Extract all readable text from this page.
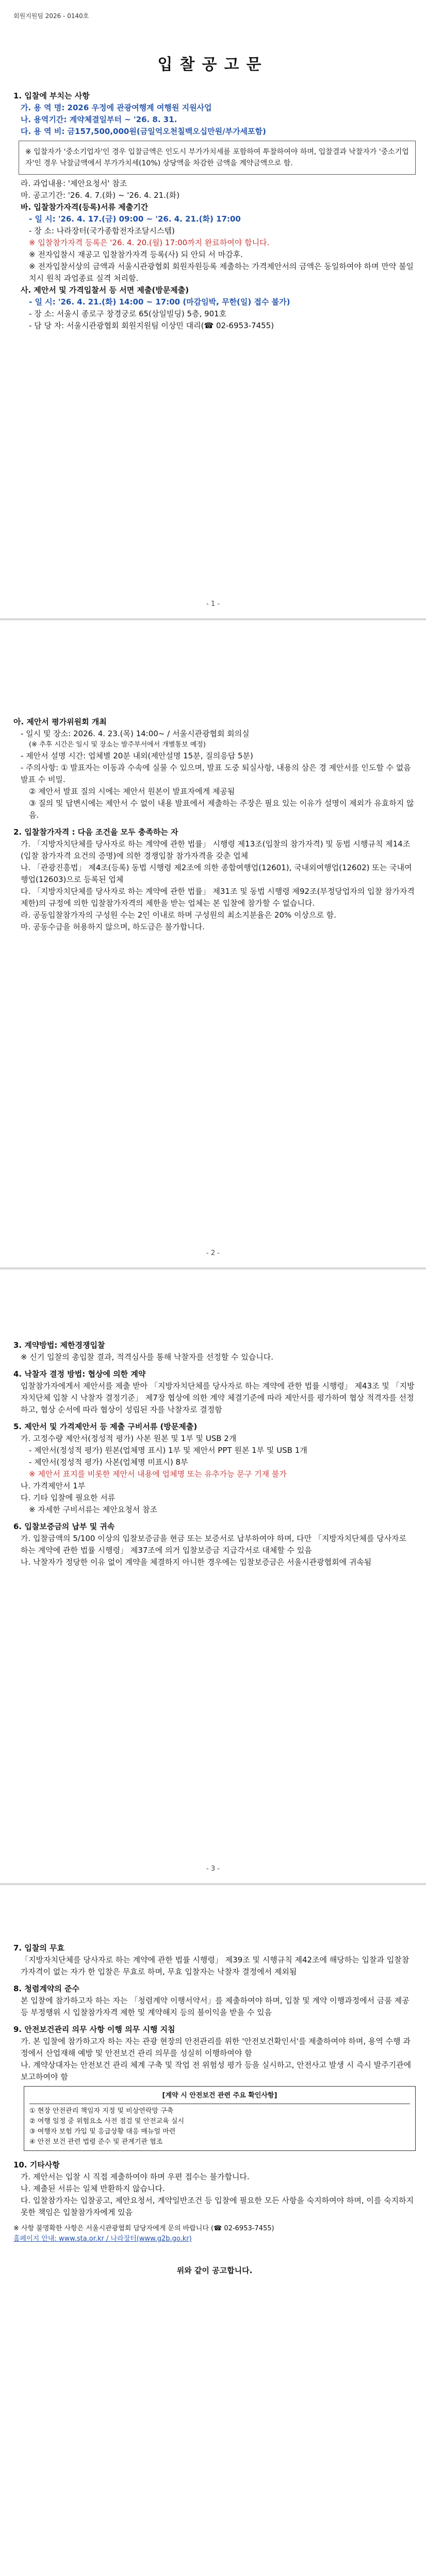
회원지원팀 2026 - 0140호
입찰공고문

1. 입찰에 부치는 사항

가. 용 역 명: 2026 우정에 관광여행계 여행원 지원사업

나. 용역기간: 계약체결일부터 ~ '26. 8. 31.

다. 용 역 비: 금157,500,000원(금일억오천칠백오십만원/부가세포함)

※ 입찰자가 '중소기업자'인 경우 입찰금액은 인도시 부가가치세를 포함하여 투찰하여야 하며, 입찰결과 낙찰자가 '중소기업자'인 경우 낙찰금액에서 부가가치세(10%) 상당액을 차감한 금액을 계약금액으로 함.

라. 과업내용: '제안요청서' 참조

마. 공고기간: '26. 4. 7.(화) ~ '26. 4. 21.(화)

바. 입찰참가자격(등록)서류 제출기간

- 일 시: '26. 4. 17.(금) 09:00 ~ '26. 4. 21.(화) 17:00

- 장 소: 나라장터(국가종합전자조달시스템)

※ 입찰참가자격 등록은 '26. 4. 20.(월) 17:00까지 완료하여야 합니다.

※ 전자입찰시 재공고 입찰참가자격 등록(사) 되 안되 서 마감후.

※ 전자입찰서상의 금액과 서울시관광협회 회원자원등록 제출하는 가격제안서의 금액은 동일하여야 하며 만약 불일치시 원칙 과업종료 실격 처리함.

사. 제안서 및 가격입찰서 등 서면 제출(방문제출)

- 일 시: '26. 4. 21.(화) 14:00 ~ 17:00 (마감임박, 무한(일) 접수 불가)

- 장 소: 서울시 종로구 창경궁로 65(삼일빌딩) 5층, 901호

- 담 당 자: 서울시관광협회 회원지원팀 이상민 대리(☎ 02-6953-7455)

- 1 -

아. 제안서 평가위원회 개최

- 일시 및 장소: 2026. 4. 23.(목) 14:00~ / 서울시관광협회 회의실

(※ 추후 시간은 일시 및 장소는 발주부서에서 개별통보 예정)

- 제안서 설명 시간: 업체별 20분 내외(제안설명 15분, 질의응답 5분)

- 주의사항: ① 발표자는 이동과 수속에 실물 수 있으며, 발표 도중 퇴실사항, 내용의 삼은 경 제안서를 인도할 수 없음 발표 수 비밀.

② 제안서 발표 질의 시에는 제안서 원본이 발표자에게 제공됨

③ 질의 및 답변시에는 제안서 수 없이 내용 발표에서 제출하는 주장은 필요 있는 이유가 설명이 제외가 유효하지 않음.

2. 입찰참가자격 : 다음 조건을 모두 충족하는 자

가. 「지방자치단체를 당사자로 하는 계약에 관한 법률」 시행령 제13조(입찰의 참가자격) 및 동법 시행규칙 제14조(입찰 참가자격 요건의 증명)에 의한 경쟁입찰 참가자격을 갖춘 업체

나. 「관광진흥법」 제4조(등록) 동법 시행령 제2조에 의한 종합여행업(12601), 국내외여행업(12602) 또는 국내여행업(12603)으로 등록된 업체

다. 「지방자치단체를 당사자로 하는 계약에 관한 법률」 제31조 및 동법 시행령 제92조(부정당업자의 입찰 참가자격 제한)의 규정에 의한 입찰참가자격의 제한을 받는 업체는 본 입찰에 참가할 수 없습니다.

라. 공동입찰참가자의 구성원 수는 2인 이내로 하며 구성원의 최소지분율은 20% 이상으로 함.

마. 공동수급을 허용하지 않으며, 하도급은 불가합니다.

- 2 -

3. 계약방법: 제한경쟁입찰

※ 신기 입찰의 총입찰 결과, 적격심사를 통해 낙찰자를 선정할 수 있습니다.

4. 낙찰자 결정 방법: 협상에 의한 계약

입찰참가자에게서 제안서를 제출 받아 「지방자치단체를 당사자로 하는 계약에 관한 법률 시행령」 제43조 및 「지방자치단체 입찰 시 낙찰자 결정기준」 제7장 협상에 의한 계약 체결기준에 따라 제안서를 평가하여 협상 적격자를 선정하고, 협상 순서에 따라 협상이 성립된 자를 낙찰자로 결정함

5. 제안서 및 가격제안서 등 제출 구비서류 (방문제출)

가. 고정수량 제안서(정성적 평가) 사본 원본 및 1부 및 USB 2개

- 제안서(정성적 평가) 원본(업체명 표시) 1부 및 제안서 PPT 원본 1부 및 USB 1개

- 제안서(정성적 평가) 사본(업체명 미표시) 8부

※ 제안서 표지를 비롯한 제안서 내용에 업체명 또는 유추가능 문구 기재 불가

나. 가격제안서 1부

다. 기타 입찰에 필요한 서류

※ 자세한 구비서류는 제안요청서 참조

6. 입찰보증금의 납부 및 귀속

가. 입찰금액의 5/100 이상의 입찰보증금을 현금 또는 보증서로 납부하여야 하며, 다만 「지방자치단체를 당사자로 하는 계약에 관한 법률 시행령」 제37조에 의거 입찰보증금 지급각서로 대체할 수 있음

나. 낙찰자가 정당한 이유 없이 계약을 체결하지 아니한 경우에는 입찰보증금은 서울시관광협회에 귀속됨

- 3 -

7. 입찰의 무효

「지방자치단체를 당사자로 하는 계약에 관한 법률 시행령」 제39조 및 시행규칙 제42조에 해당하는 입찰과 입찰참가자격이 없는 자가 한 입찰은 무효로 하며, 무효 입찰자는 낙찰자 결정에서 제외됨

8. 청렴계약의 준수

본 입찰에 참가하고자 하는 자는 「청렴계약 이행서약서」를 제출하여야 하며, 입찰 및 계약 이행과정에서 금품 제공 등 부정행위 시 입찰참가자격 제한 및 계약해지 등의 불이익을 받을 수 있음

9. 안전보건관리 의무 사항 이행 의무 시행 지침

가. 본 입찰에 참가하고자 하는 자는 관광 현장의 안전관리를 위한 '안전보건확인서'를 제출하여야 하며, 용역 수행 과정에서 산업재해 예방 및 안전보건 관리 의무를 성실히 이행하여야 함

나. 계약상대자는 안전보건 관리 체계 구축 및 작업 전 위험성 평가 등을 실시하고, 안전사고 발생 시 즉시 발주기관에 보고하여야 함

[계약 시 안전보건 관련 주요 확인사항]

① 현장 안전관리 책임자 지정 및 비상연락망 구축

② 여행 일정 중 위험요소 사전 점검 및 안전교육 실시

③ 여행자 보험 가입 및 응급상황 대응 매뉴얼 마련

④ 안전 보건 관련 법령 준수 및 관계기관 협조

10. 기타사항

가. 제안서는 입찰 시 직접 제출하여야 하며 우편 접수는 불가합니다.

나. 제출된 서류는 일체 반환하지 않습니다.

다. 입찰참가자는 입찰공고, 제안요청서, 계약일반조건 등 입찰에 필요한 모든 사항을 숙지하여야 하며, 이를 숙지하지 못한 책임은 입찰참가자에게 있음

※ 사항 불명확한 사항은 서울시관광협회 담당자에게 문의 바랍니다 (☎ 02-6953-7455)

홈페이지 안내: www.sta.or.kr / 나라장터(www.g2b.go.kr)

위와 같이 공고합니다.
